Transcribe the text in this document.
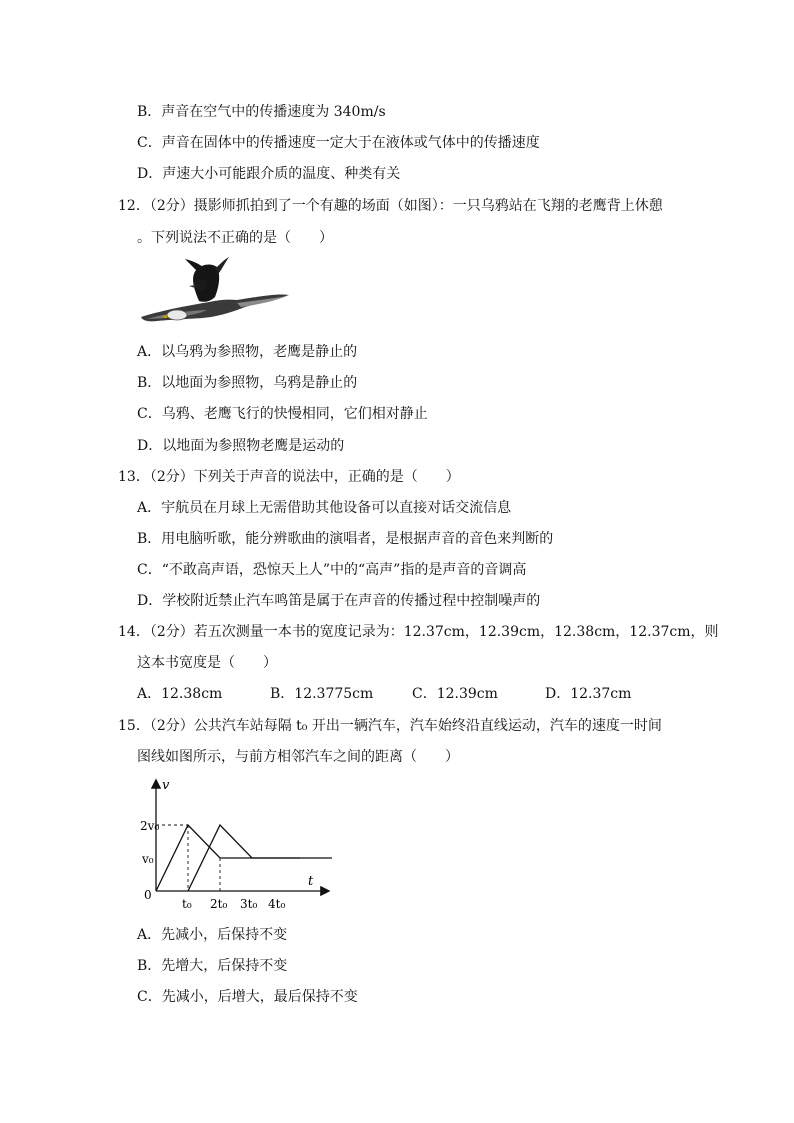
B．声音在空气中的传播速度为 340m/s
C．声音在固体中的传播速度一定大于在液体或气体中的传播速度
D．声速大小可能跟介质的温度、种类有关
12．（2分）摄影师抓拍到了一个有趣的场面（如图）：一只乌鸦站在飞翔的老鹰背上休憩
。下列说法不正确的是（　　）
A．以乌鸦为参照物，老鹰是静止的
B．以地面为参照物，乌鸦是静止的
C．乌鸦、老鹰飞行的快慢相同，它们相对静止
D．以地面为参照物老鹰是运动的
13．（2分）下列关于声音的说法中，正确的是（　　）
A．宇航员在月球上无需借助其他设备可以直接对话交流信息
B．用电脑听歌，能分辨歌曲的演唱者，是根据声音的音色来判断的
C．“不敢高声语，恐惊天上人”中的“高声”指的是声音的音调高
D．学校附近禁止汽车鸣笛是属于在声音的传播过程中控制噪声的
14．（2分）若五次测量一本书的宽度记录为：12.37cm，12.39cm，12.38cm，12.37cm，则
这本书宽度是（　　）
A．12.38cm	B．12.3775cm	C．12.39cm	D．12.37cm
15．（2分）公共汽车站每隔 t₀ 开出一辆汽车，汽车始终沿直线运动，汽车的速度一时间
图线如图所示，与前方相邻汽车之间的距离（　　）
v
t
0
2v₀
v₀
t₀ 2t₀ 3t₀ 4t₀
A．先减小，后保持不变
B．先增大，后保持不变
C．先减小，后增大，最后保持不变
